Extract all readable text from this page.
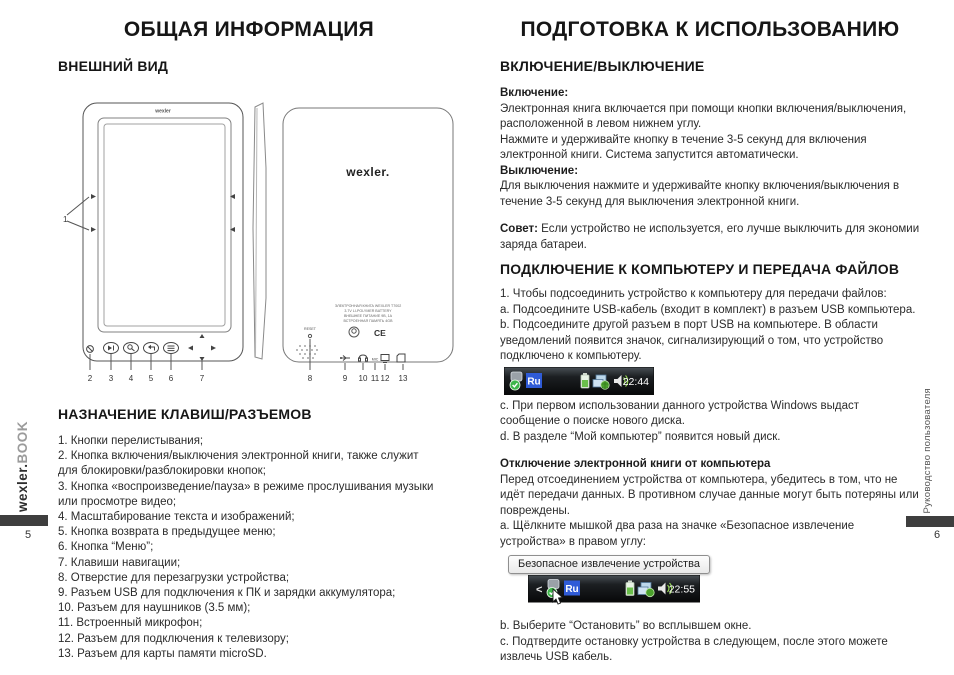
ОБЩАЯ ИНФОРМАЦИЯ
ВНЕШНИЙ ВИД
wexler
wexler.
ЭЛЕКТРОННАЯ КНИГА WEXLER T7002
3.7V LI-POLYMER BATTERY
ВНЕШНЕЕ ПИТАНИЕ 9В, 1А
ВСТРОЕННАЯ ПАМЯТЬ 4GB
CE
RESET
MIC
1
2 3 4 5 6	7	8	9 10 11 12 13
НАЗНАЧЕНИЕ КЛАВИШ/РАЗЪЕМОВ

1. Кнопки перелистывания;

2. Кнопка включения/выключения электронной книги, также служит для блокировки/разблокировки кнопок;

3. Кнопка «воспроизведение/пауза» в режиме прослушивания музыки или просмотре видео;

4. Масштабирование текста и изображений;

5. Кнопка возврата в предыдущее меню;

6. Кнопка “Меню”;

7. Клавиши навигации;

8. Отверстие для перезагрузки устройства;

9. Разъем USB для подключения к ПК и зарядки аккумулятора;

10. Разъем для наушников (3.5 мм);

11. Встроенный микрофон;

12. Разъем для подключения к телевизору;

13. Разъем для карты памяти microSD.

ПОДГОТОВКА К ИСПОЛЬЗОВАНИЮ
ВКЛЮЧЕНИЕ/ВЫКЛЮЧЕНИЕ

Включение:

Электронная книга включается при помощи кнопки включения/выключения, расположенной в левом нижнем углу.

Нажмите и удерживайте кнопку в течение 3-5 секунд для включения электронной книги. Система запустится автоматически.

Выключение:

Для выключения нажмите и удерживайте кнопку включения/выключения в течение 3-5 секунд для выключения электронной книги.

Совет: Если устройство не используется, его лучше выключить для экономии заряда батареи.

ПОДКЛЮЧЕНИЕ К КОМПЬЮТЕРУ И ПЕРЕДАЧА ФАЙЛОВ

1. Чтобы подсоединить устройство к компьютеру для передачи файлов:

a. Подсоедините USB-кабель (входит в комплект) в разъем USB компьютера.

b. Подсоедините другой разъем в порт USB на компьютере. В области уведомлений появится значок, сигнализирующий о том, что устройство подключено к компьютеру.

Ru	22:44

c. При первом использовании данного устройства Windows выдаст сообщение о поиске нового диска.

d. В разделе “Мой компьютер” появится новый диск.

Отключение электронной книги от компьютера

Перед отсоединением устройства от компьютера, убедитесь в том, что не идёт передачи данных. В противном случае данные могут быть потеряны или повреждены.

a. Щёлкните мышкой два раза на значке «Безопасное извлечение устройства» в правом углу:

Безопасное извлечение устройства
< Ru	22:55

b. Выберите “Остановить” во всплывшем окне.

c. Подтвердите остановку устройства в следующем, после этого можете извлечь USB кабель.

wexler.BOOK
5
Руководство пользователя
6
